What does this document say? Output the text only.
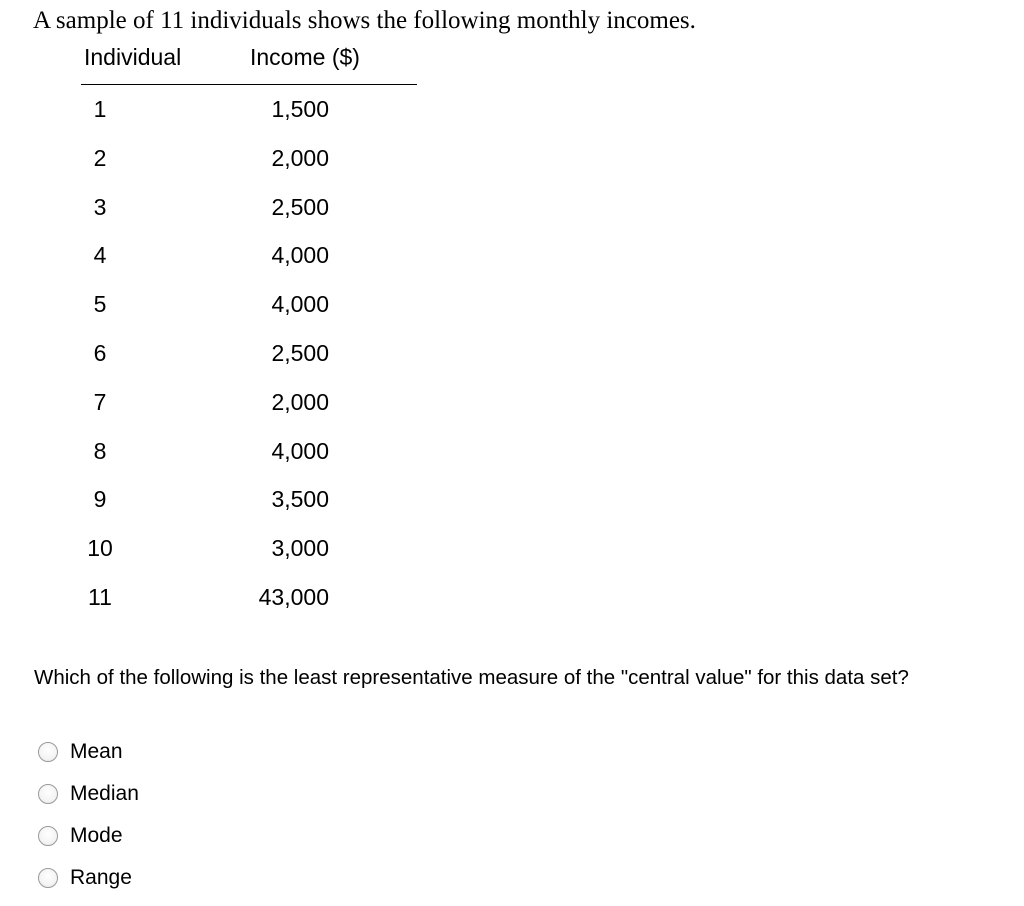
A sample of 11 individuals shows the following monthly incomes.

Individual	Income ($)
1	1,500
2	2,000
3	2,500
4	4,000
5	4,000
6	2,500
7	2,000
8	4,000
9	3,500
10	3,000
11	43,000

Which of the following is the least representative measure of the "central value" for this data set?

Mean
Median
Mode
Range
